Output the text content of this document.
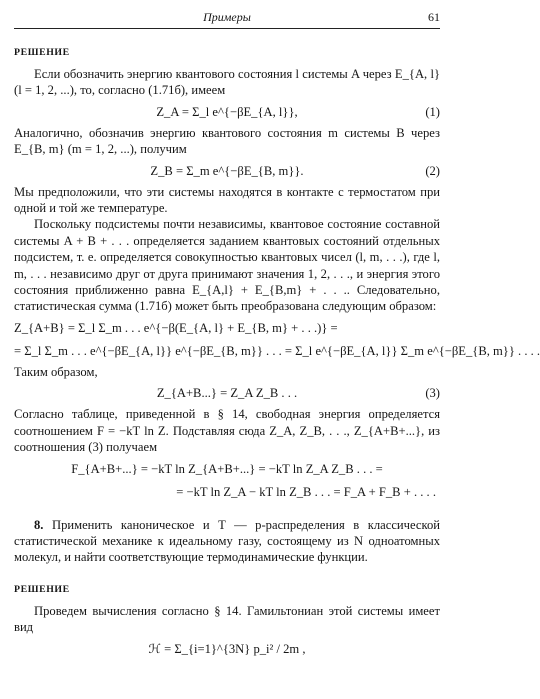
Примеры	61
РЕШЕНИЕ

Если обозначить энергию квантового состояния l системы A через E_{A, l} (l = 1, 2, ...), то, согласно (1.71б), имеем

Z_A = Σ_l e^{−βE_{A, l}},	(1)

Аналогично, обозначив энергию квантового состояния m системы B через E_{B, m} (m = 1, 2, ...), получим

Z_B = Σ_m e^{−βE_{B, m}}.	(2)

Мы предположили, что эти системы находятся в контакте с термостатом при одной и той же температуре.

Поскольку подсистемы почти независимы, квантовое состояние составной системы A + B + . . . определяется заданием квантовых состояний отдельных подсистем, т. е. определяется совокупностью квантовых чисел (l, m, . . .), где l, m, . . . независимо друг от друга принимают значения 1, 2, . . ., и энергия этого состояния приближенно равна E_{A,l} + E_{B,m} + . . .. Следовательно, статистическая сумма (1.71б) может быть преобразована следующим образом:

Z_{A+B} = Σ_l Σ_m . . . e^{−β(E_{A, l} + E_{B, m} + . . .)} =
= Σ_l Σ_m . . . e^{−βE_{A, l}} e^{−βE_{B, m}} . . . = Σ_l e^{−βE_{A, l}} Σ_m e^{−βE_{B, m}} . . . .

Таким образом,

Z_{A+B...} = Z_A Z_B . . .	(3)

Согласно таблице, приведенной в § 14, свободная энергия определяется соотношением F = −kT ln Z. Подставляя сюда Z_A, Z_B, . . ., Z_{A+B+...}, из соотношения (3) получаем

F_{A+B+...} = −kT ln Z_{A+B+...} = −kT ln Z_A Z_B . . . =
= −kT ln Z_A − kT ln Z_B . . . = F_A + F_B + . . . .

8. Применить каноническое и T — p-распределения в классической статистической механике к идеальному газу, состоящему из N одноатомных молекул, и найти соответствующие термодинамические функции.

РЕШЕНИЕ

Проведем вычисления согласно § 14. Гамильтониан этой системы имеет вид

ℋ = Σ_{i=1}^{3N} p_i² / 2m ,
